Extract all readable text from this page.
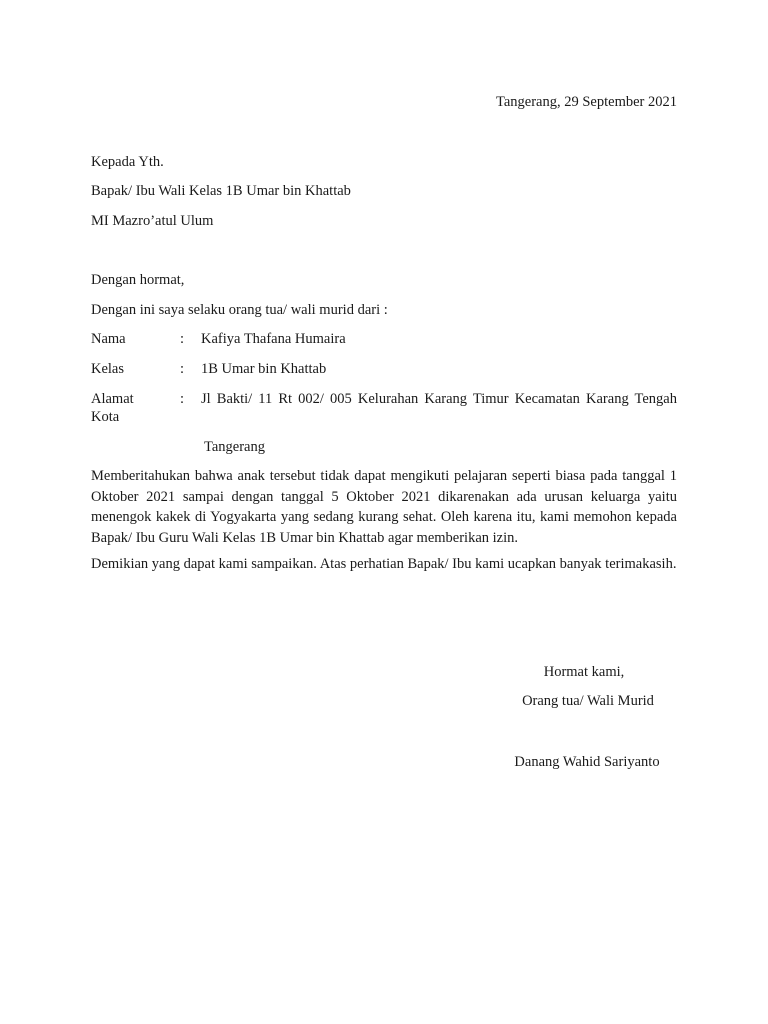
Tangerang, 29 September 2021
Kepada Yth.
Bapak/ Ibu Wali Kelas 1B Umar bin Khattab
MI Mazro’atul Ulum
Dengan hormat,
Dengan ini saya selaku orang tua/ wali murid dari :
Nama	: Kafiya Thafana Humaira
Kelas	: 1B Umar bin Khattab
Alamat	: Jl Bakti/ 11 Rt 002/ 005 Kelurahan Karang Timur Kecamatan Karang Tengah
Kota
Tangerang
Memberitahukan bahwa anak tersebut tidak dapat mengikuti pelajaran seperti biasa pada tanggal 1 Oktober 2021 sampai dengan tanggal 5 Oktober 2021 dikarenakan ada urusan keluarga yaitu menengok kakek di Yogyakarta yang sedang kurang sehat. Oleh karena itu, kami memohon kepada Bapak/ Ibu Guru Wali Kelas 1B Umar bin Khattab agar memberikan izin.
Demikian yang dapat kami sampaikan. Atas perhatian Bapak/ Ibu kami ucapkan banyak terimakasih.
Hormat kami,
Orang tua/ Wali Murid
Danang Wahid Sariyanto
